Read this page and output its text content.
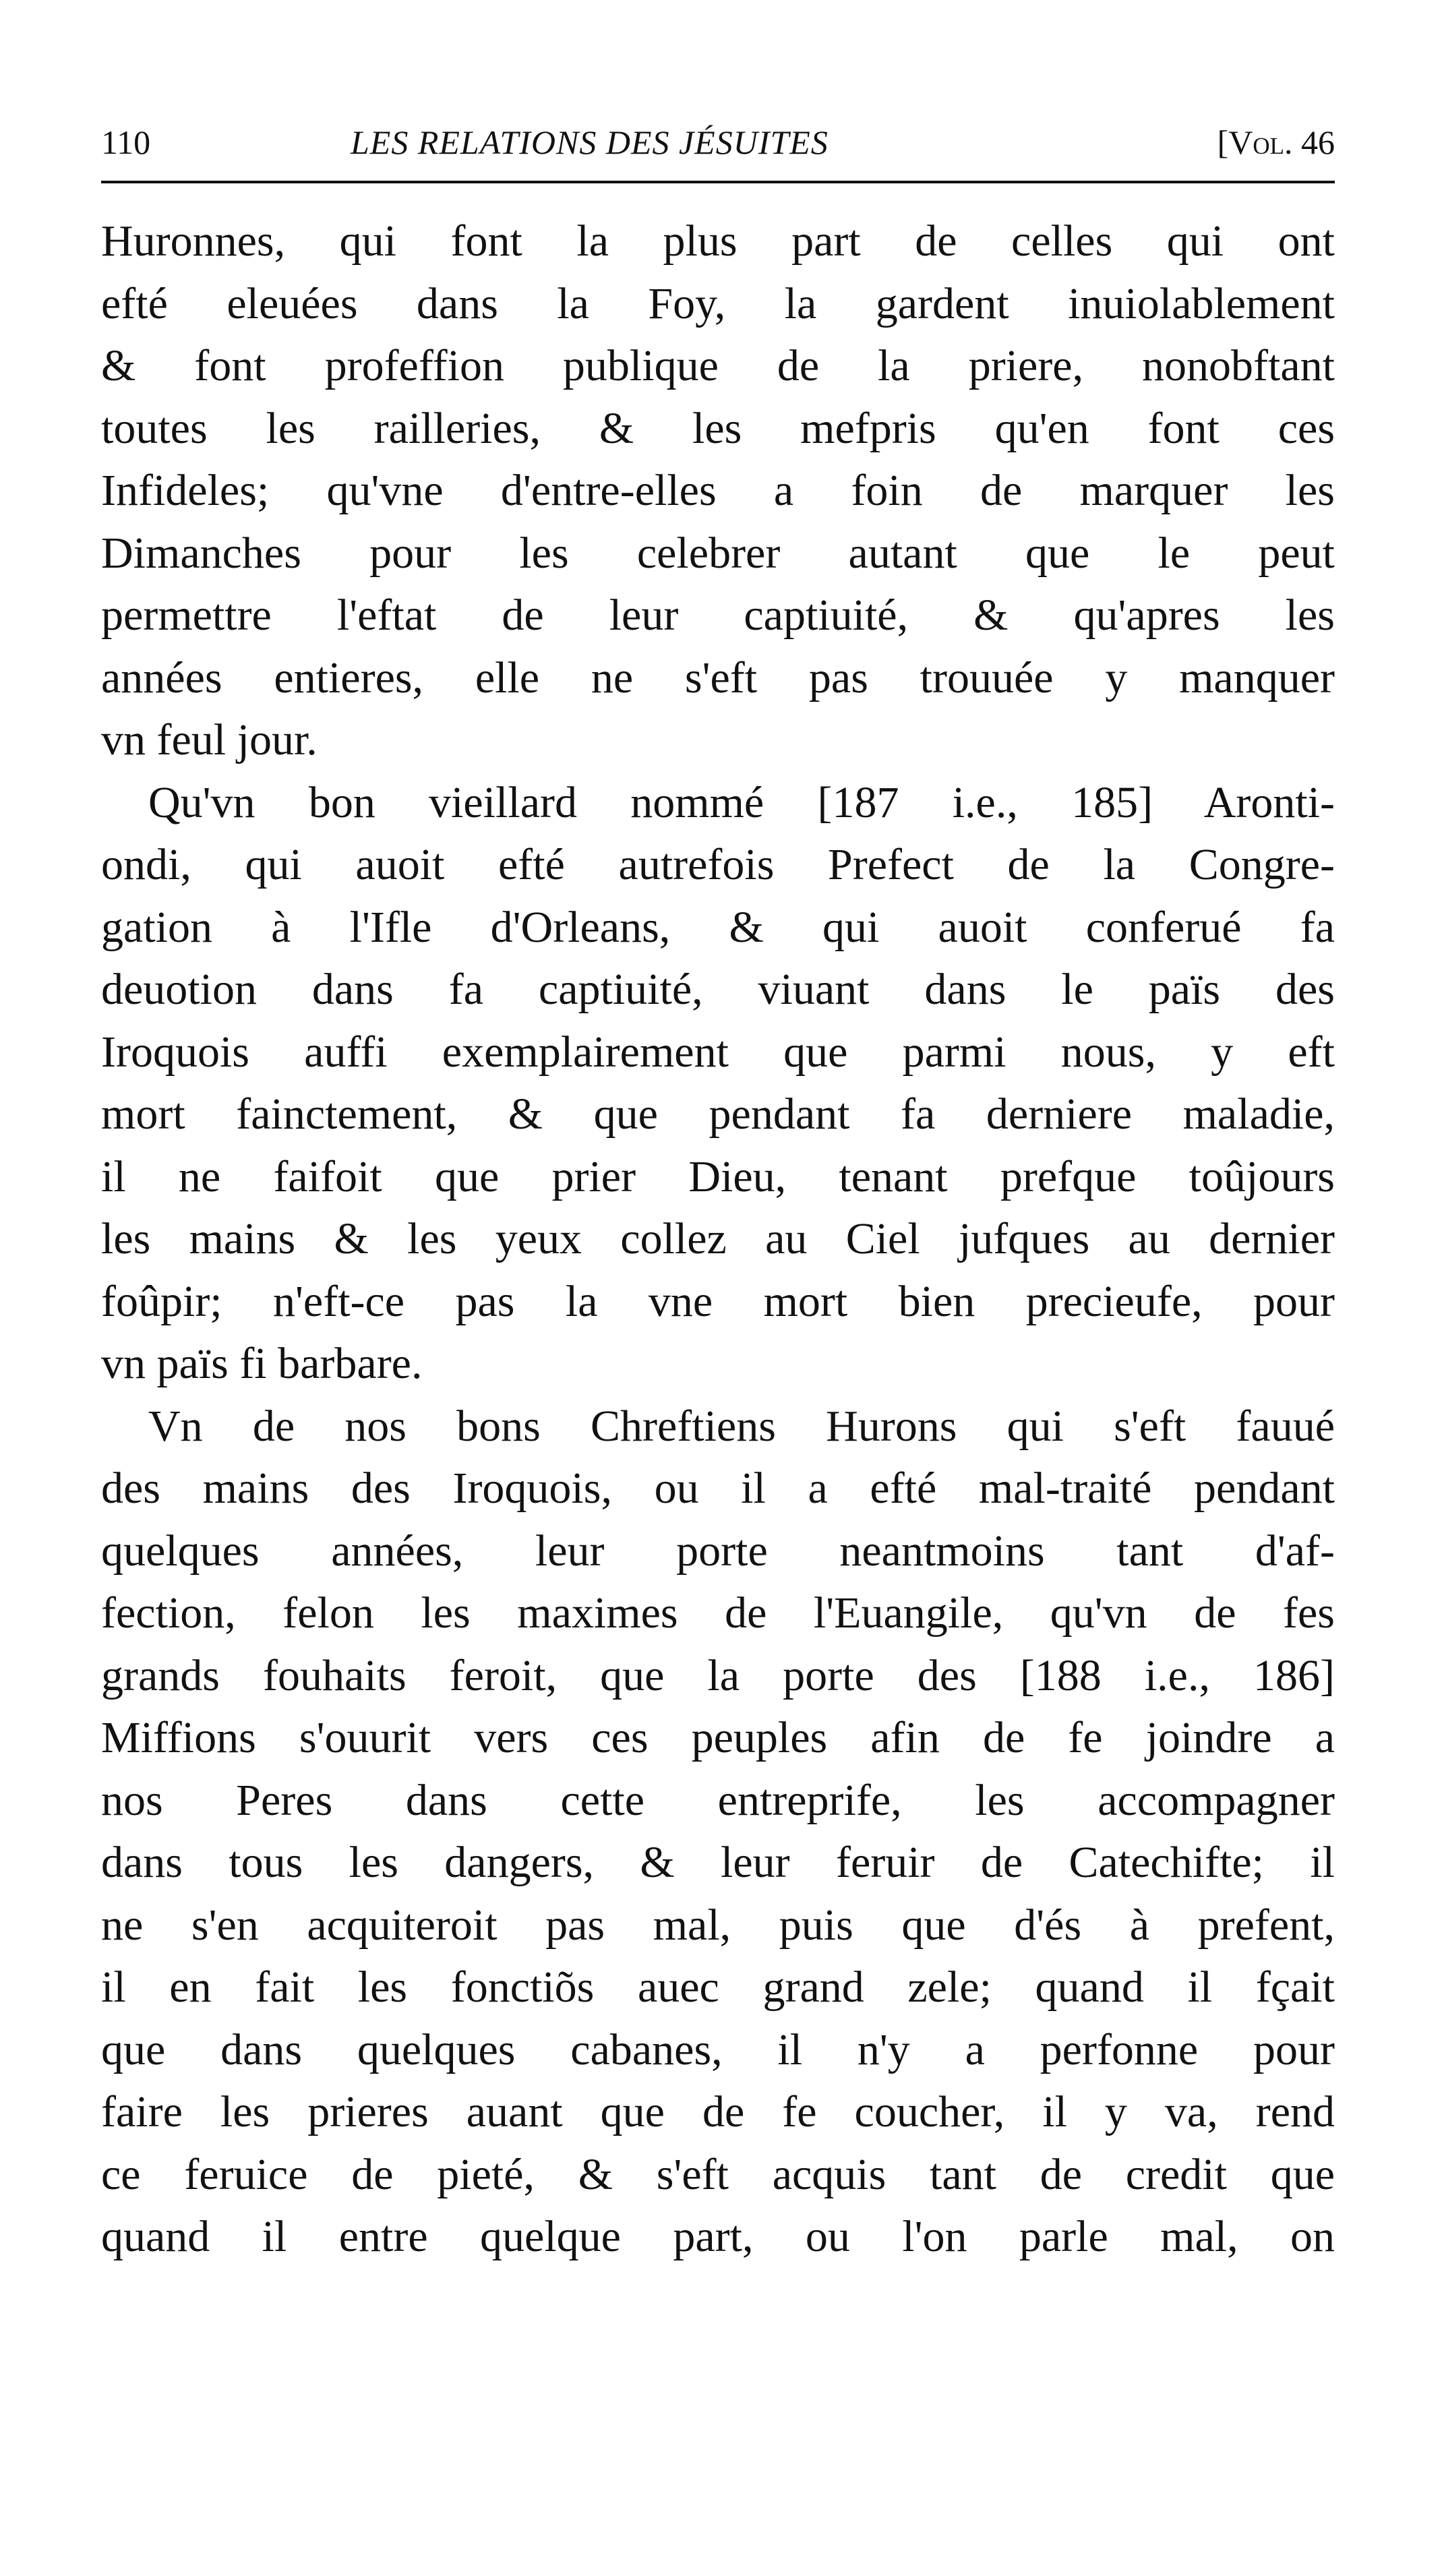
110	LES RELATIONS DES JÉSUITES	[Vol. 46
Huronnes, qui font la plus part de celles qui ont
efté eleuées dans la Foy, la gardent inuiolablement
& font profeffion publique de la priere, nonobftant
toutes les railleries, & les mefpris qu'en font ces
Infideles; qu'vne d'entre-elles a foin de marquer les
Dimanches pour les celebrer autant que le peut
permettre l'eftat de leur captiuité, & qu'apres les
années entieres, elle ne s'eft pas trouuée y manquer
vn feul jour.
Qu'vn bon vieillard nommé [187 i.e., 185] Aronti-
ondi, qui auoit efté autrefois Prefect de la Congre-
gation à l'Ifle d'Orleans, & qui auoit conferué fa
deuotion dans fa captiuité, viuant dans le païs des
Iroquois auffi exemplairement que parmi nous, y eft
mort fainctement, & que pendant fa derniere maladie,
il ne faifoit que prier Dieu, tenant prefque toûjours
les mains & les yeux collez au Ciel jufques au dernier
foûpir; n'eft-ce pas la vne mort bien precieufe, pour
vn païs fi barbare.
Vn de nos bons Chreftiens Hurons qui s'eft fauué
des mains des Iroquois, ou il a efté mal-traité pendant
quelques années, leur porte neantmoins tant d'af-
fection, felon les maximes de l'Euangile, qu'vn de fes
grands fouhaits feroit, que la porte des [188 i.e., 186]
Miffions s'ouurit vers ces peuples afin de fe joindre a
nos Peres dans cette entreprife, les accompagner
dans tous les dangers, & leur feruir de Catechifte; il
ne s'en acquiteroit pas mal, puis que d'és à prefent,
il en fait les fonctiõs auec grand zele; quand il fçait
que dans quelques cabanes, il n'y a perfonne pour
faire les prieres auant que de fe coucher, il y va, rend
ce feruice de pieté, & s'eft acquis tant de credit que
quand il entre quelque part, ou l'on parle mal, on
